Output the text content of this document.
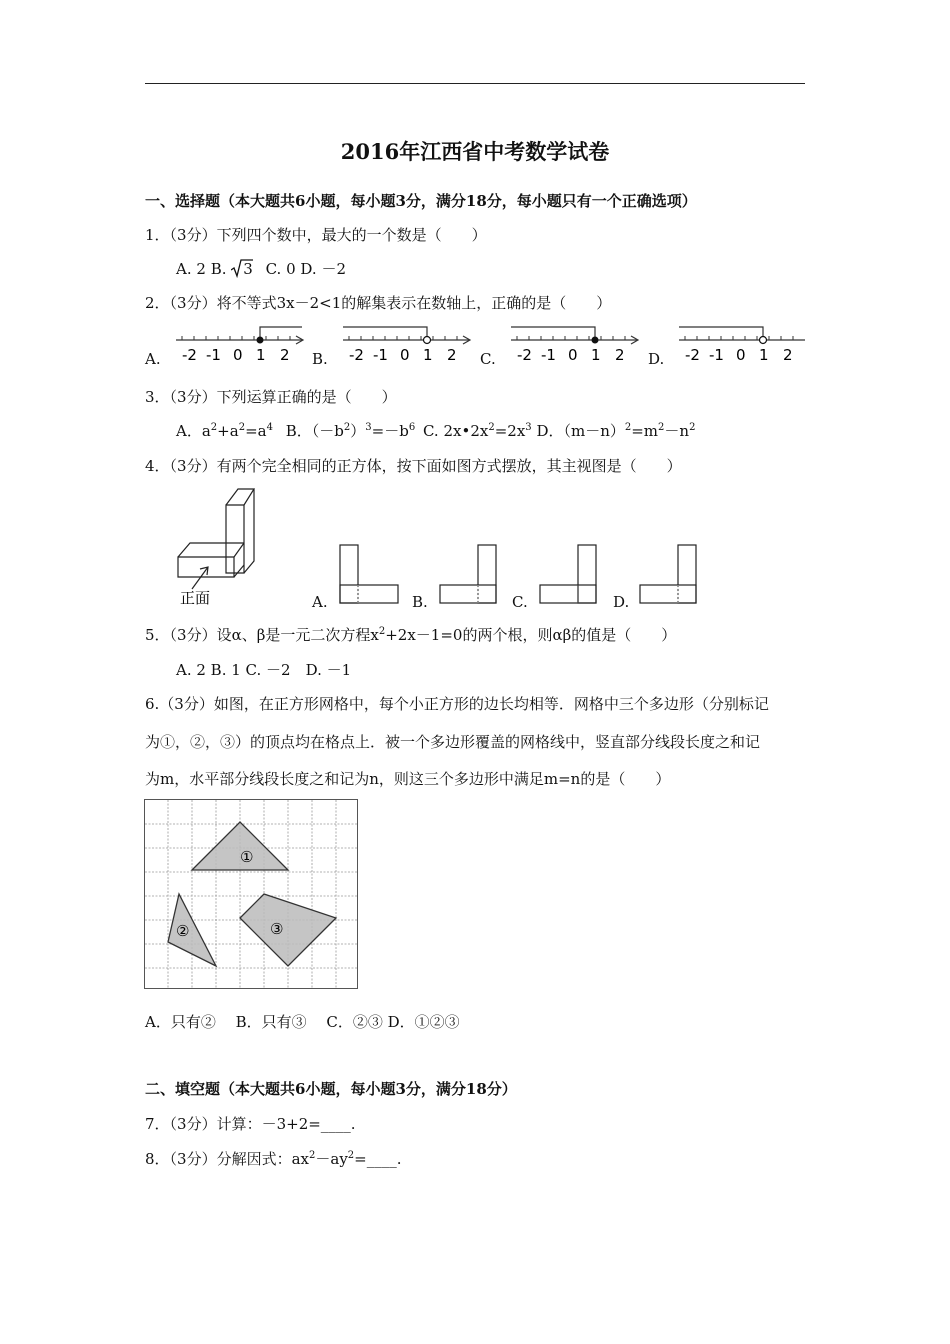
2016年江西省中考数学试卷
一、选择题（本大题共6小题，每小题3分，满分18分，每小题只有一个正确选项）
1．（3分）下列四个数中，最大的一个数是（　　）
A. 2 B. 3 C. 0 D. －2
2．（3分）将不等式3x－2<1的解集表示在数轴上，正确的是（　　）
A.	B.	C.	D.
-2 -1 0 1 2	-2 -1 0 1 2	-2 -1 0 1 2	-2 -1 0 1 2
3．（3分）下列运算正确的是（　　）
A．$a^2+a^2=a^4$ B．$(-b^2)^3=-b^6$ C. $2x•2x^2=2x^3$ D．$(m-n)^2=m^2-n^2$
4．（3分）有两个完全相同的正方体，按下面如图方式摆放，其主视图是（　　）
正面	A.	B.	C.	D.
5．（3分）设α、β是一元二次方程$x^2+2x-1=0$的两个根，则αβ的值是（　　）
A. 2 B. 1 C. －2　D. －1
6.（3分）如图，在正方形网格中，每个小正方形的边长均相等．网格中三个多边形（分别标记
为①，②，③）的顶点均在格点上．被一个多边形覆盖的网格线中，竖直部分线段长度之和记
为m，水平部分线段长度之和记为n，则这三个多边形中满足m=n的是（　　）
①
②	③
A．只有②　 B．只有③　 C．②③ D．①②③
二、填空题（本大题共6小题，每小题3分，满分18分）
7．（3分）计算：－3+2=____.
8．（3分）分解因式：$ax^2-ay^2=\_\_\_\_$.
